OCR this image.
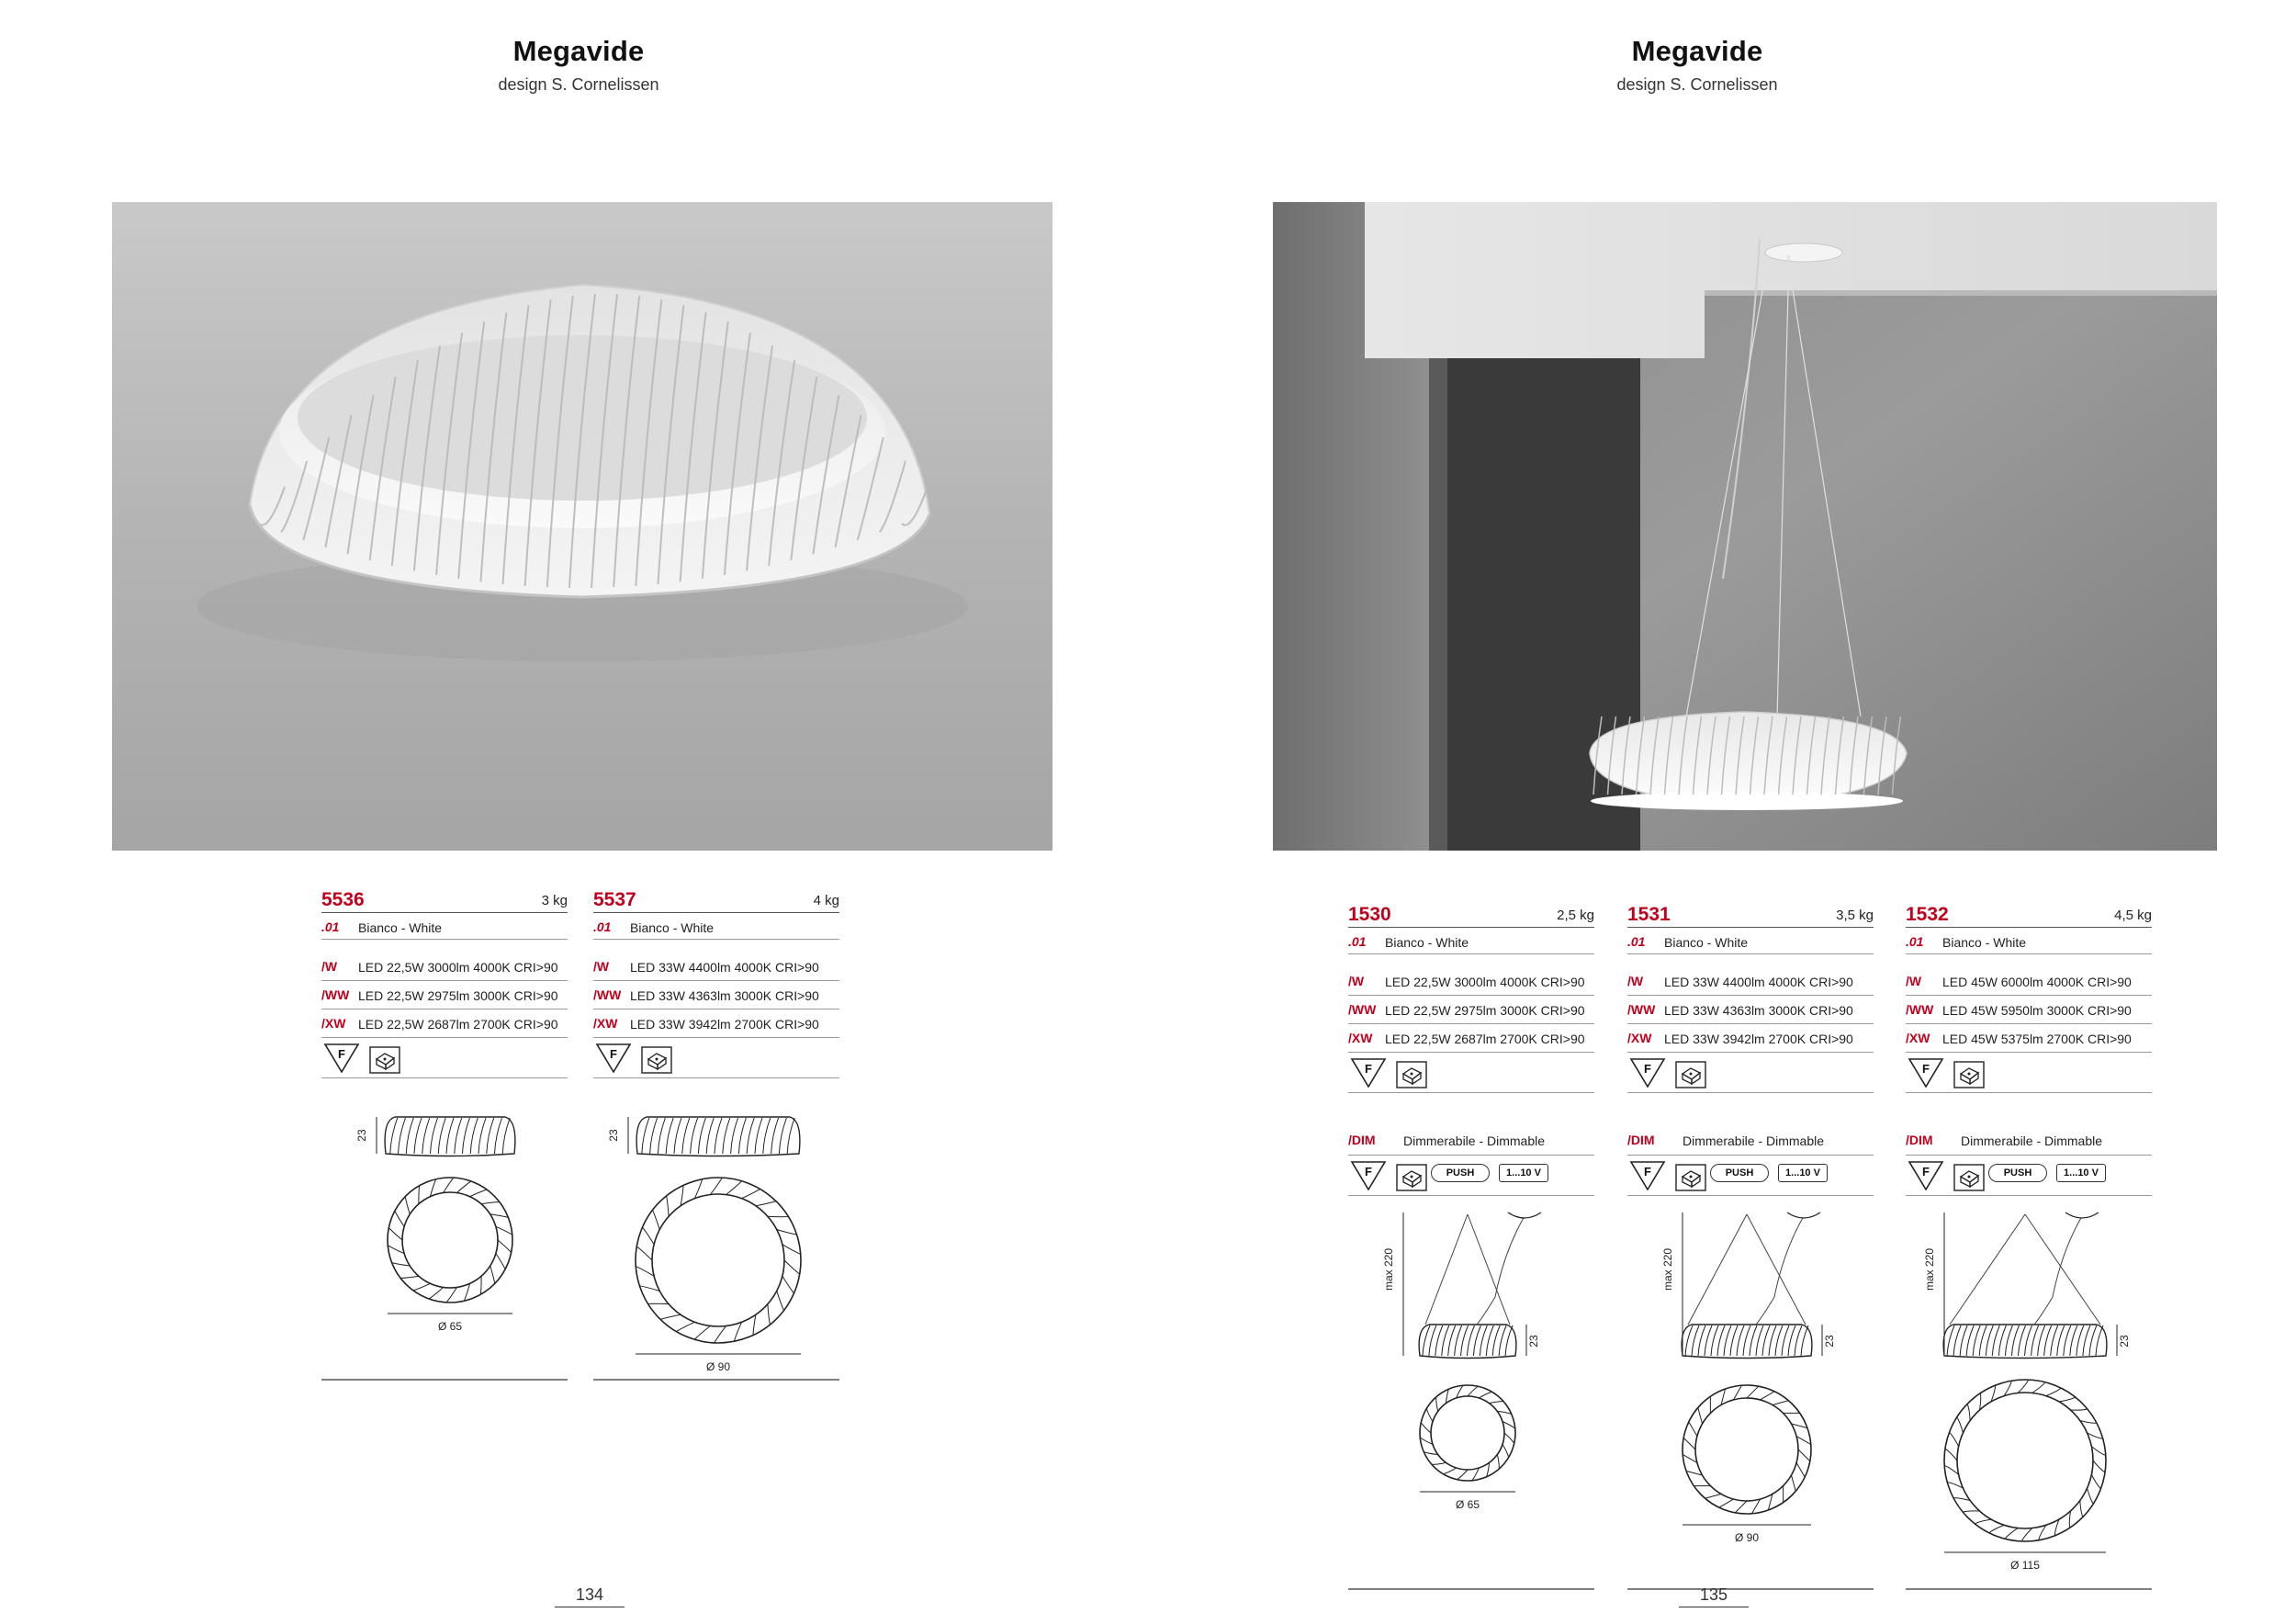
Megavide
design S. Cornelissen
Megavide
design S. Cornelissen
5536	3 kg
.01 Bianco - White
/W LED 22,5W 3000lm 4000K CRI>90
/WW LED 22,5W 2975lm 3000K CRI>90
/XW LED 22,5W 2687lm 2700K CRI>90
F
23
Ø 65
5537	4 kg
.01 Bianco - White
/W LED 33W 4400lm 4000K CRI>90
/WW LED 33W 4363lm 3000K CRI>90
/XW LED 33W 3942lm 2700K CRI>90
F
23
Ø 90
1530	2,5 kg
.01 Bianco - White
/W LED 22,5W 3000lm 4000K CRI>90
/WW LED 22,5W 2975lm 3000K CRI>90
/XW LED 22,5W 2687lm 2700K CRI>90
F
/DIM Dimmerabile - Dimmable
F	PUSH	1...10 V
max 220
23
Ø 65
1531	3,5 kg
.01 Bianco - White
/W LED 33W 4400lm 4000K CRI>90
/WW LED 33W 4363lm 3000K CRI>90
/XW LED 33W 3942lm 2700K CRI>90
F
/DIM Dimmerabile - Dimmable
F	PUSH	1...10 V
max 220
23
Ø 90
1532	4,5 kg
.01 Bianco - White
/W LED 45W 6000lm 4000K CRI>90
/WW LED 45W 5950lm 3000K CRI>90
/XW LED 45W 5375lm 2700K CRI>90
F
/DIM Dimmerabile - Dimmable
F	PUSH	1...10 V
max 220
23
Ø 115
134	135
